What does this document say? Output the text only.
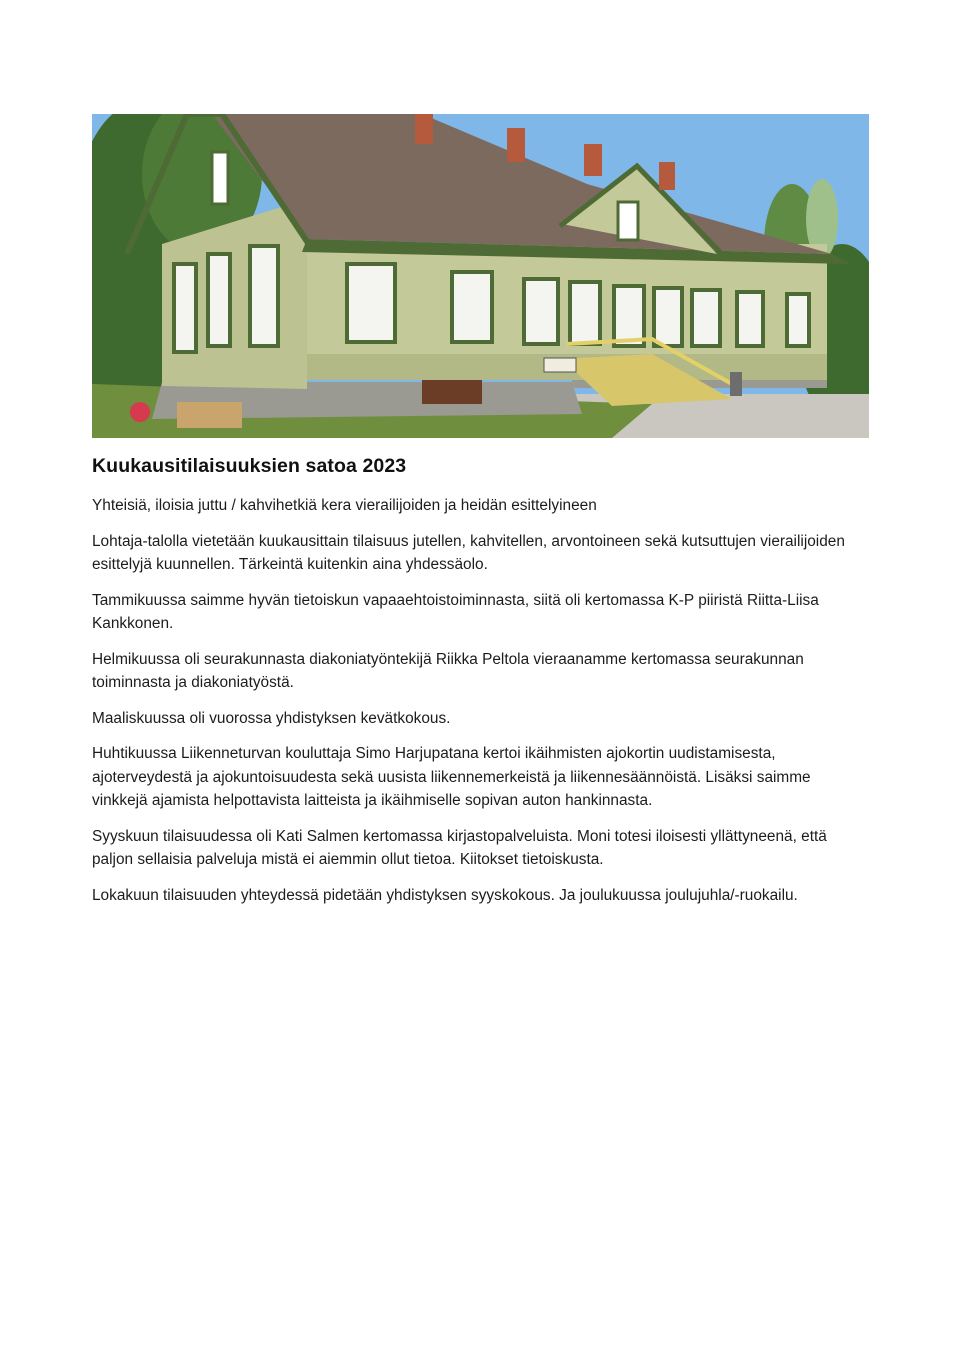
Kuukausitilaisuuksien satoa 2023

Yhteisiä, iloisia juttu / kahvihetkiä kera vierailijoiden ja heidän esittelyineen

Lohtaja-talolla vietetään kuukausittain tilaisuus jutellen, kahvitellen, arvontoineen sekä kutsuttujen vierailijoiden esittelyjä kuunnellen. Tärkeintä kuitenkin aina yhdessäolo.

Tammikuussa saimme hyvän tietoiskun vapaaehtoistoiminnasta, siitä oli kertomassa K-P piiristä Riitta-Liisa Kankkonen.

Helmikuussa oli seurakunnasta diakoniatyöntekijä Riikka Peltola vieraanamme kertomassa seurakunnan toiminnasta ja diakoniatyöstä.

Maaliskuussa oli vuorossa yhdistyksen kevätkokous.

Huhtikuussa Liikenneturvan kouluttaja Simo Harjupatana kertoi ikäihmisten ajokortin uudistamisesta, ajoterveydestä ja ajokuntoisuudesta sekä uusista liikennemerkeistä ja liikennesäännöistä. Lisäksi saimme vinkkejä ajamista helpottavista laitteista ja ikäihmiselle sopivan auton hankinnasta.

Syyskuun tilaisuudessa oli Kati Salmen kertomassa kirjastopalveluista. Moni totesi iloisesti yllättyneenä, että paljon sellaisia palveluja mistä ei aiemmin ollut tietoa. Kiitokset tietoiskusta.

Lokakuun tilaisuuden yhteydessä pidetään yhdistyksen syyskokous. Ja joulukuussa joulujuhla/-ruokailu.
